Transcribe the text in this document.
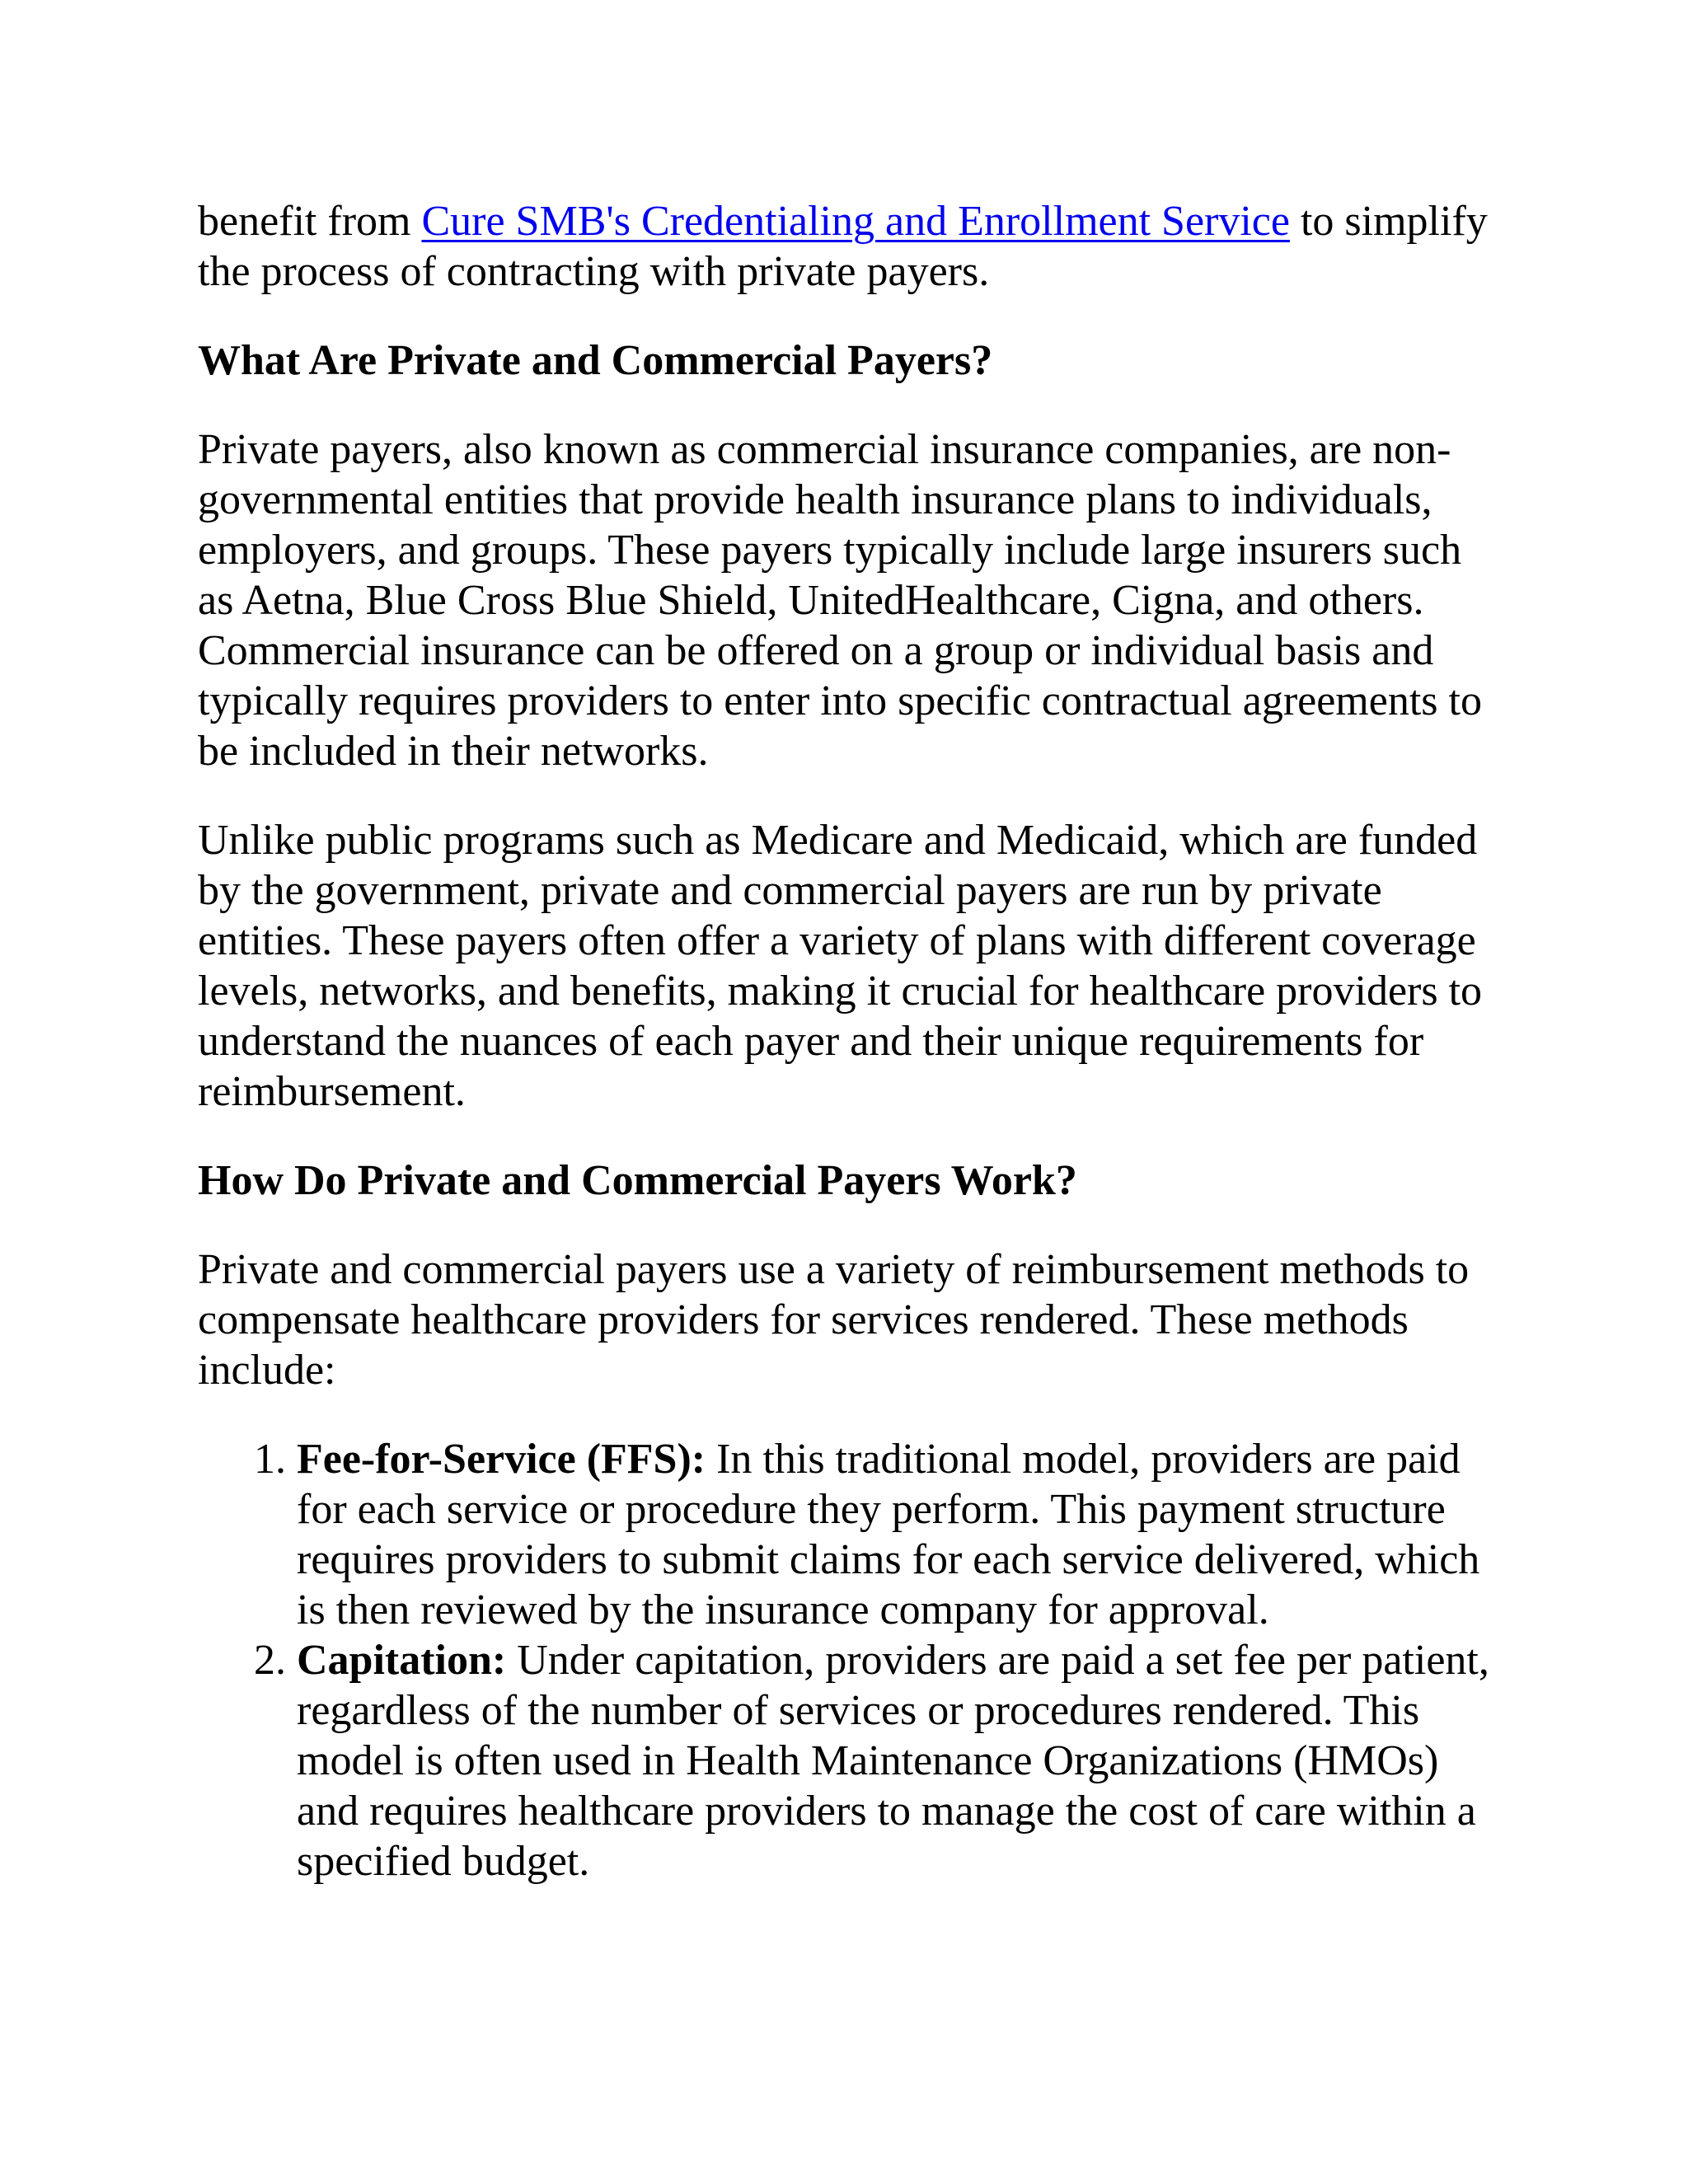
benefit from Cure SMB's Credentialing and Enrollment Service to simplify the process of contracting with private payers.

What Are Private and Commercial Payers?

Private payers, also known as commercial insurance companies, are non-governmental entities that provide health insurance plans to individuals, employers, and groups. These payers typically include large insurers such as Aetna, Blue Cross Blue Shield, UnitedHealthcare, Cigna, and others. Commercial insurance can be offered on a group or individual basis and typically requires providers to enter into specific contractual agreements to be included in their networks.

Unlike public programs such as Medicare and Medicaid, which are funded by the government, private and commercial payers are run by private entities. These payers often offer a variety of plans with different coverage levels, networks, and benefits, making it crucial for healthcare providers to understand the nuances of each payer and their unique requirements for reimbursement.

How Do Private and Commercial Payers Work?

Private and commercial payers use a variety of reimbursement methods to compensate healthcare providers for services rendered. These methods include:

1. Fee-for-Service (FFS): In this traditional model, providers are paid for each service or procedure they perform. This payment structure requires providers to submit claims for each service delivered, which is then reviewed by the insurance company for approval.
2. Capitation: Under capitation, providers are paid a set fee per patient, regardless of the number of services or procedures rendered. This model is often used in Health Maintenance Organizations (HMOs) and requires healthcare providers to manage the cost of care within a specified budget.
